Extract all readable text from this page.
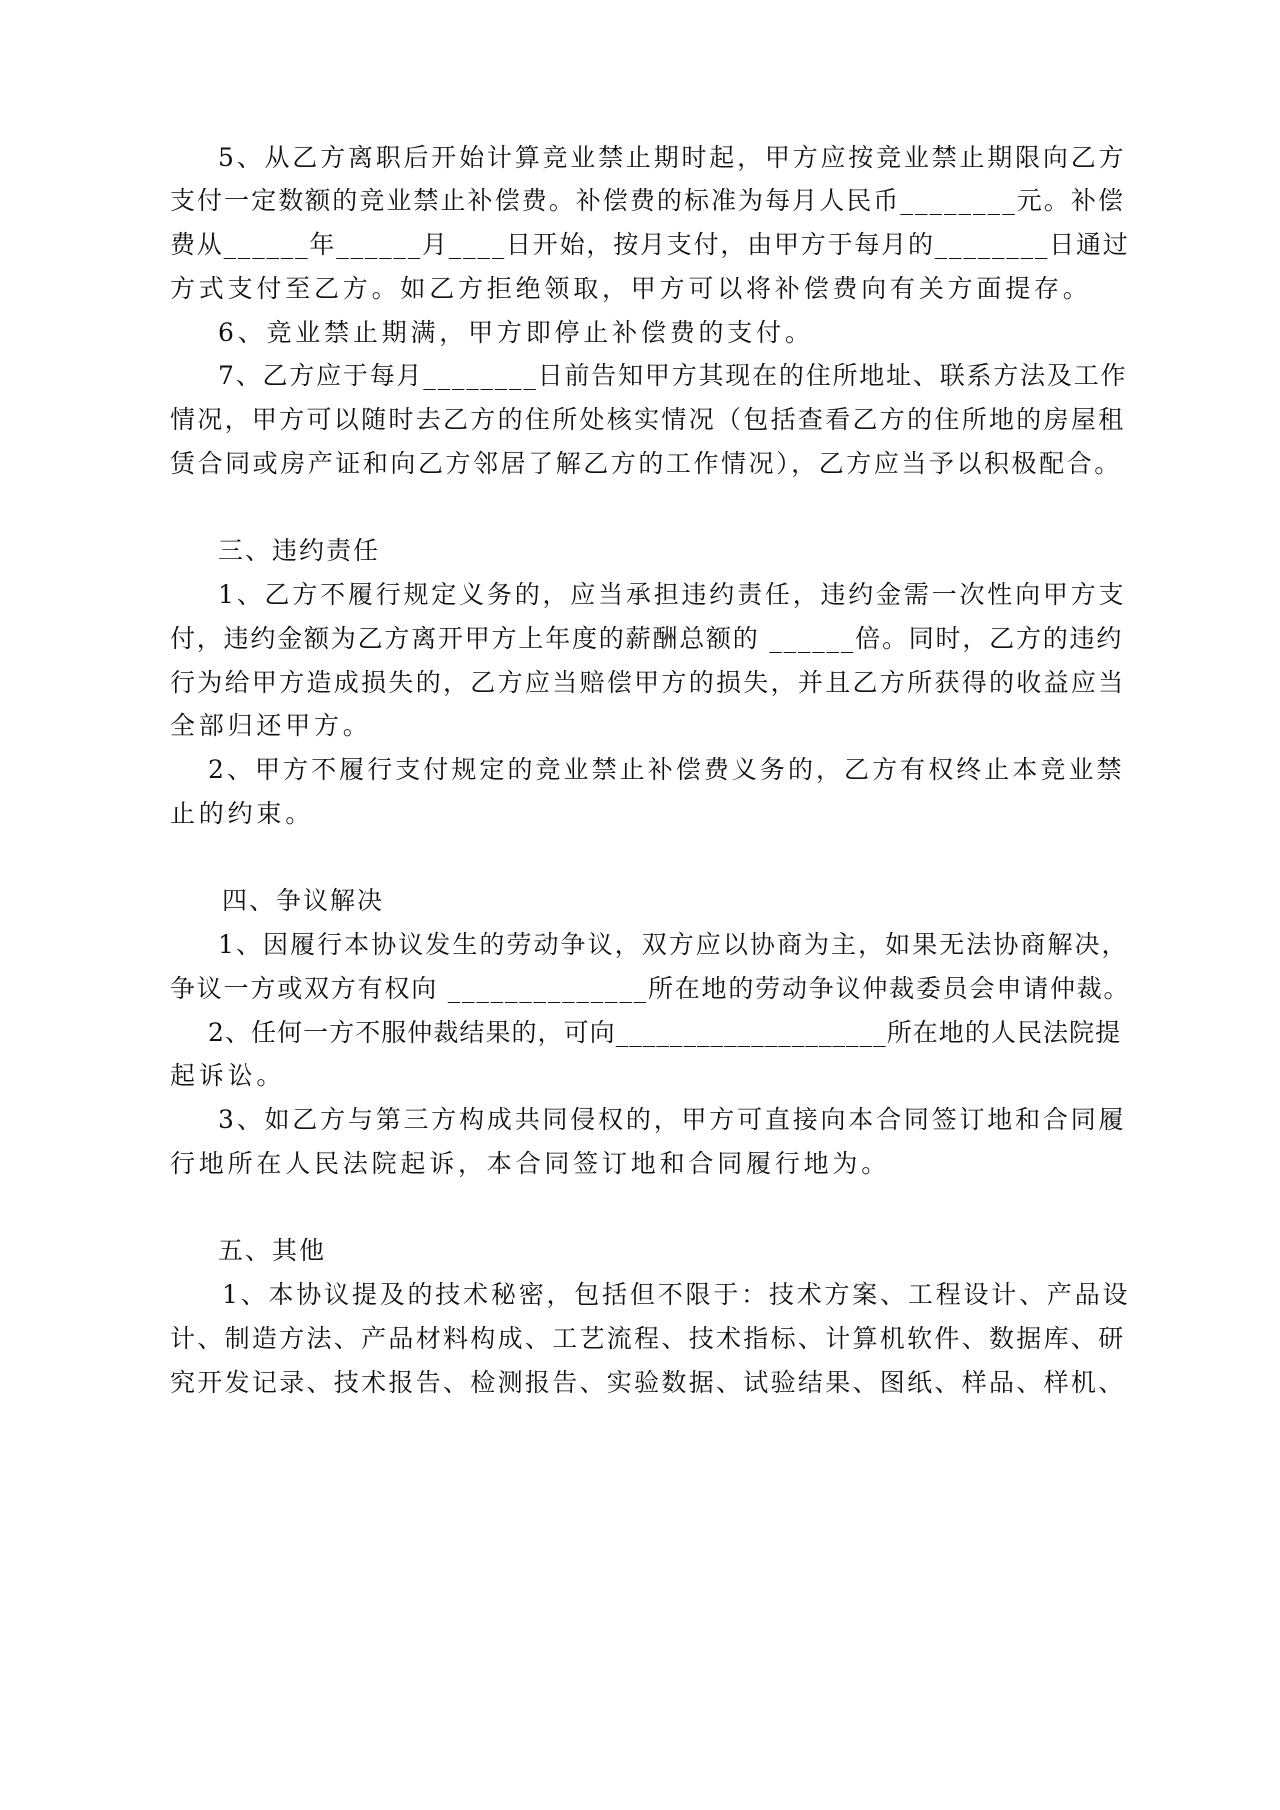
5、从乙方离职后开始计算竞业禁止期时起，甲方应按竞业禁止期限向乙方
支付一定数额的竞业禁止补偿费。补偿费的标准为每月人民币________元。补偿
费从______年______月____日开始，按月支付，由甲方于每月的________日通过
方式支付至乙方。如乙方拒绝领取，甲方可以将补偿费向有关方面提存。
6、竞业禁止期满，甲方即停止补偿费的支付。
7、乙方应于每月________日前告知甲方其现在的住所地址、联系方法及工作
情况，甲方可以随时去乙方的住所处核实情况（包括查看乙方的住所地的房屋租
赁合同或房产证和向乙方邻居了解乙方的工作情况），乙方应当予以积极配合。
三、违约责任
1、乙方不履行规定义务的，应当承担违约责任，违约金需一次性向甲方支
付，违约金额为乙方离开甲方上年度的薪酬总额的 ______倍。同时，乙方的违约
行为给甲方造成损失的，乙方应当赔偿甲方的损失，并且乙方所获得的收益应当
全部归还甲方。
2、甲方不履行支付规定的竞业禁止补偿费义务的，乙方有权终止本竞业禁
止的约束。
四、争议解决
1、因履行本协议发生的劳动争议，双方应以协商为主，如果无法协商解决，
争议一方或双方有权向 ______________所在地的劳动争议仲裁委员会申请仲裁。
2、任何一方不服仲裁结果的，可向____________________所在地的人民法院提
起诉讼。
3、如乙方与第三方构成共同侵权的，甲方可直接向本合同签订地和合同履
行地所在人民法院起诉，本合同签订地和合同履行地为。
五、其他
1、本协议提及的技术秘密，包括但不限于：技术方案、工程设计、产品设
计、制造方法、产品材料构成、工艺流程、技术指标、计算机软件、数据库、研
究开发记录、技术报告、检测报告、实验数据、试验结果、图纸、样品、样机、
